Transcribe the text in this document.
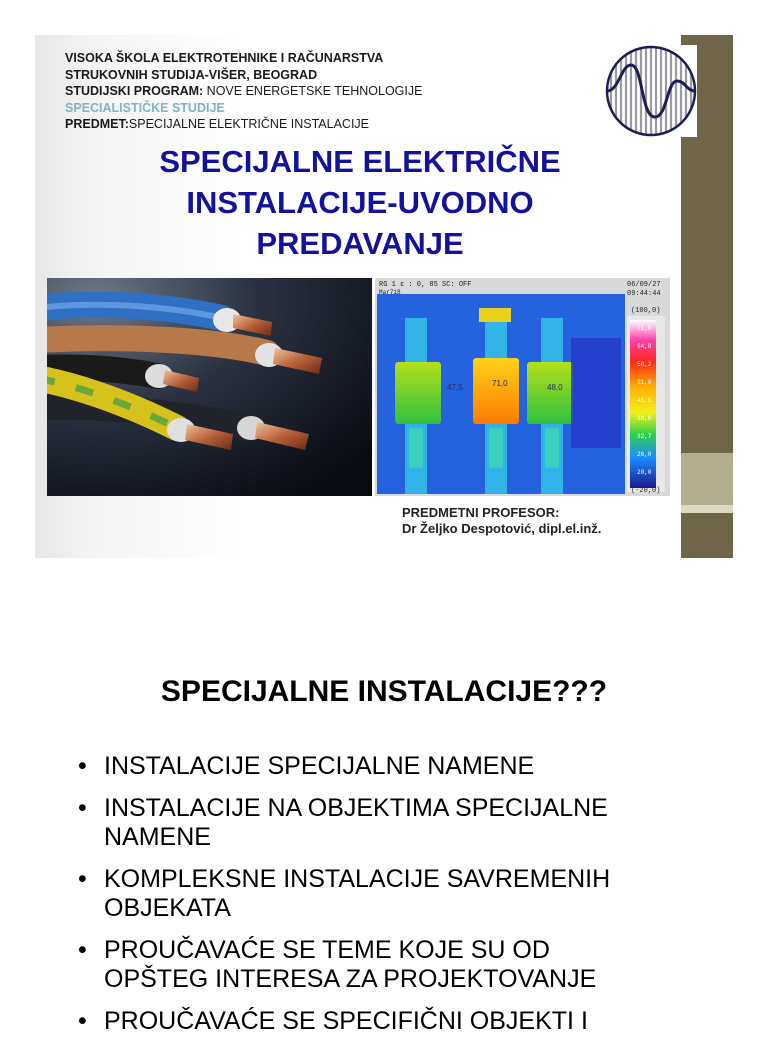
VISOKA ŠKOLA ELEKTROTEHNIKE I RAČUNARSTVA
STRUKOVNIH STUDIJA-VIŠER, BEOGRAD
STUDIJSKI PROGRAM: NOVE ENERGETSKE TEHNOLOGIJE
SPECIALISTIČKE STUDIJE
PREDMET:SPECIJALNE ELEKTRIČNE INSTALACIJE
SPECIJALNE ELEKTRIČNE
INSTALACIJE-UVODNO
PREDAVANJE
47,5	71,0	48,0
RG 1 ε : 0, 85 SC: OFF
Mar718
06/09/27
09:44:44
(100,0)
(-20,0)
71,0
64,8
58,2
51,0
45,5
38,8
32,7
26,0
20,0
PREDMETNI PROFESOR:
Dr Željko Despotović, dipl.el.inž.
SPECIJALNE INSTALACIJE???
• INSTALACIJE SPECIJALNE NAMENE
• INSTALACIJE NA OBJEKTIMA SPECIJALNE
NAMENE
• KOMPLEKSNE INSTALACIJE SAVREMENIH
OBJEKATA
• PROUČAVAĆE SE TEME KOJE SU OD
OPŠTEG INTERESA ZA PROJEKTOVANJE
• PROUČAVAĆE SE SPECIFIČNI OBJEKTI I
